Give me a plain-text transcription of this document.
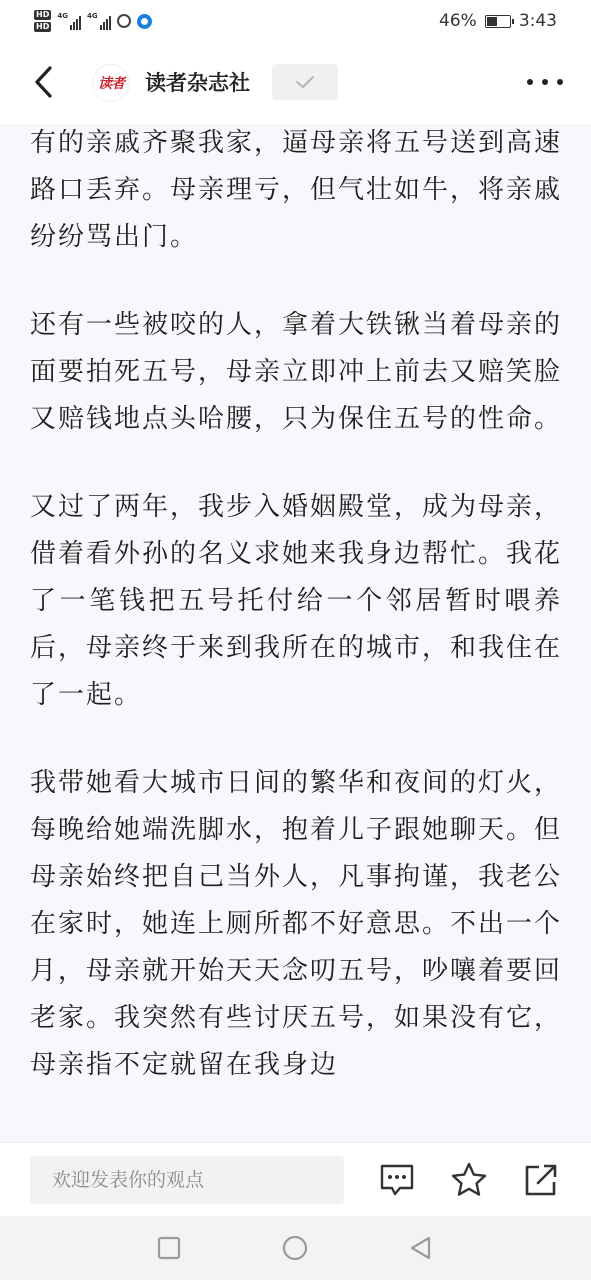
HD
HD
4G	4G	46% 3:43
读者 读者杂志社

有的亲戚齐聚我家，逼母亲将五号送到高速路口丢弃。母亲理亏，但气壮如牛，将亲戚纷纷骂出门。

还有一些被咬的人，拿着大铁锹当着母亲的面要拍死五号，母亲立即冲上前去又赔笑脸又赔钱地点头哈腰，只为保住五号的性命。

又过了两年，我步入婚姻殿堂，成为母亲，借着看外孙的名义求她来我身边帮忙。我花了一笔钱把五号托付给一个邻居暂时喂养后，母亲终于来到我所在的城市，和我住在了一起。

我带她看大城市日间的繁华和夜间的灯火，每晚给她端洗脚水，抱着儿子跟她聊天。但母亲始终把自己当外人，凡事拘谨，我老公在家时，她连上厕所都不好意思。不出一个月，母亲就开始天天念叨五号，吵嚷着要回老家。我突然有些讨厌五号，如果没有它，母亲指不定就留在我身边

欢迎发表你的观点
